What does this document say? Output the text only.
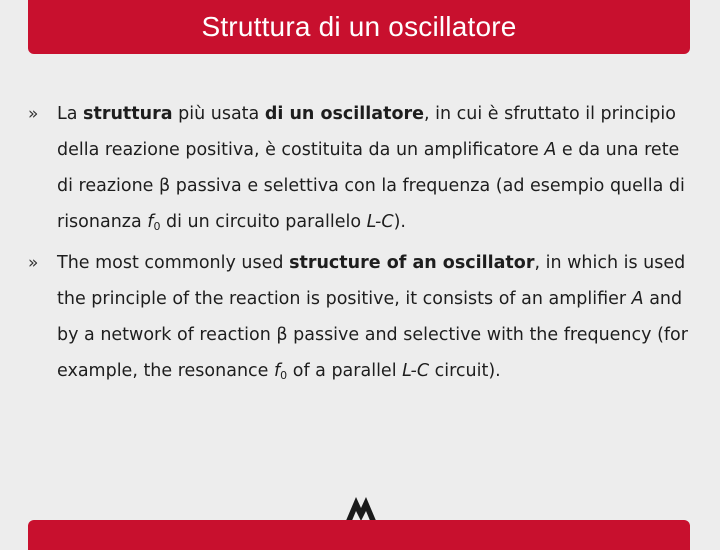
Struttura di un oscillatore
» La struttura più usata di un oscillatore, in cui è sfruttato il principio della reazione positiva, è costituita da un amplificatore A e da una rete di reazione β passiva e selettiva con la frequenza (ad esempio quella di risonanza $f_0$ di un circuito parallelo L-C).

» The most commonly used structure of an oscillator, in which is used the principle of the reaction is positive, it consists of an amplifier A and by a network of reaction β passive and selective with the frequency (for example, the resonance $f_0$ of a parallel L-C circuit).
